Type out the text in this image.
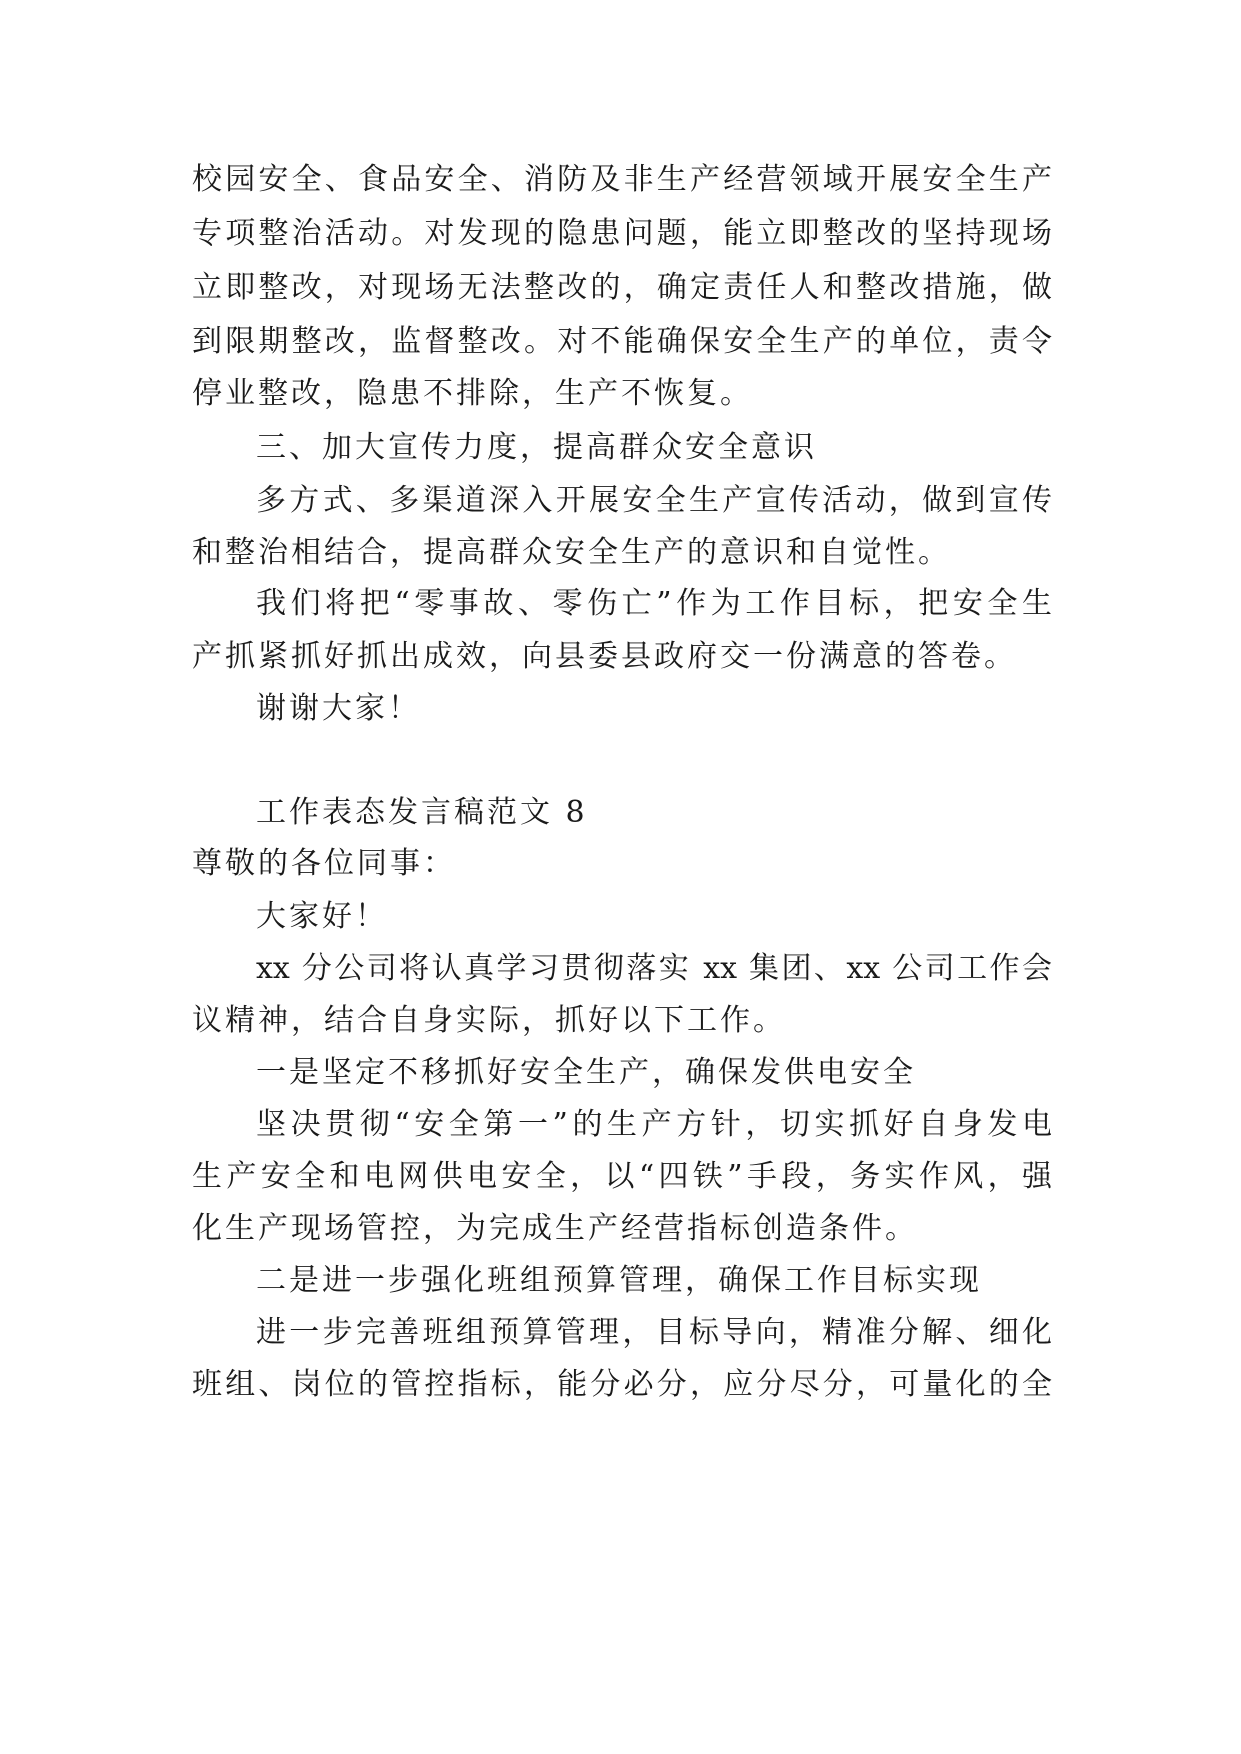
校园安全、食品安全、消防及非生产经营领域开展安全生产
专项整治活动。对发现的隐患问题，能立即整改的坚持现场
立即整改，对现场无法整改的，确定责任人和整改措施，做
到限期整改，监督整改。对不能确保安全生产的单位，责令
停业整改，隐患不排除，生产不恢复。
三、加大宣传力度，提高群众安全意识
多方式、多渠道深入开展安全生产宣传活动，做到宣传
和整治相结合，提高群众安全生产的意识和自觉性。
我们将把“零事故、零伤亡”作为工作目标，把安全生
产抓紧抓好抓出成效，向县委县政府交一份满意的答卷。
谢谢大家！
工作表态发言稿范文 8
尊敬的各位同事：
大家好！
xx 分公司将认真学习贯彻落实 xx 集团、xx 公司工作会
议精神，结合自身实际，抓好以下工作。
一是坚定不移抓好安全生产，确保发供电安全
坚决贯彻“安全第一”的生产方针，切实抓好自身发电
生产安全和电网供电安全，以“四铁”手段，务实作风，强
化生产现场管控，为完成生产经营指标创造条件。
二是进一步强化班组预算管理，确保工作目标实现
进一步完善班组预算管理，目标导向，精准分解、细化
班组、岗位的管控指标，能分必分，应分尽分，可量化的全
